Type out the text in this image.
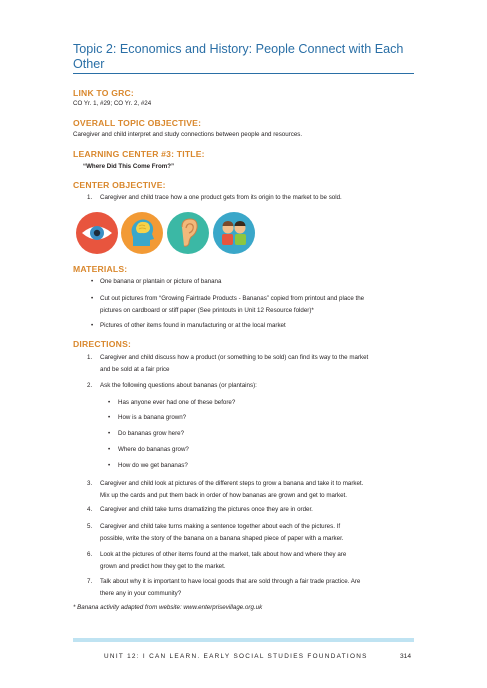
Topic 2: Economics and History: People Connect with Each Other
LINK TO GRC:
CO Yr. 1, #29; CO Yr. 2, #24
OVERALL TOPIC OBJECTIVE:
Caregiver and child interpret and study connections between people and resources.
LEARNING CENTER #3: TITLE:
“Where Did This Come From?”
CENTER OBJECTIVE:
1. Caregiver and child trace how a one product gets from its origin to the market to be sold.
MATERIALS:
• One banana or plantain or picture of banana
• Cut out pictures from “Growing Fairtrade Products - Bananas” copied from printout and place the
pictures on cardboard or stiff paper (See printouts in Unit 12 Resource folder)*
• Pictures of other items found in manufacturing or at the local market
DIRECTIONS:
1. Caregiver and child discuss how a product (or something to be sold) can find its way to the market
and be sold at a fair price
2. Ask the following questions about bananas (or plantains):
• Has anyone ever had one of these before?
• How is a banana grown?
• Do bananas grow here?
• Where do bananas grow?
• How do we get bananas?
3. Caregiver and child look at pictures of the different steps to grow a banana and take it to market.
Mix up the cards and put them back in order of how bananas are grown and get to market.
4. Caregiver and child take turns dramatizing the pictures once they are in order.
5. Caregiver and child take turns making a sentence together about each of the pictures. If
possible, write the story of the banana on a banana shaped piece of paper with a marker.
6. Look at the pictures of other items found at the market, talk about how and where they are
grown and predict how they get to the market.
7. Talk about why it is important to have local goods that are sold through a fair trade practice. Are
there any in your community?
* Banana activity adapted from website: www.enterprisevillage.org.uk
UNIT 12: I CAN LEARN. EARLY SOCIAL STUDIES FOUNDATIONS	314
